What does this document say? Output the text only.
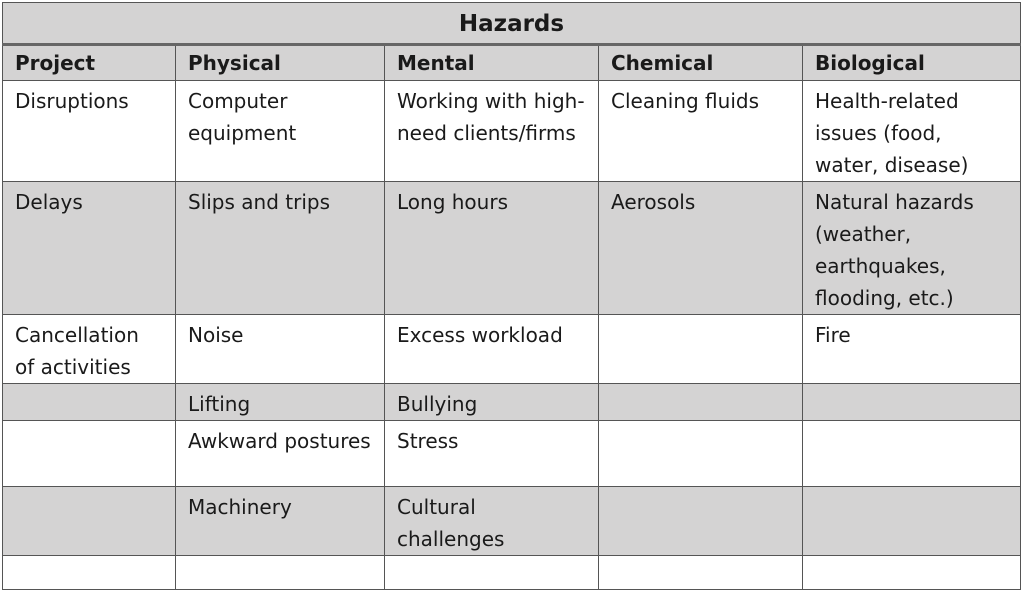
Hazards				
Project	Physical	Mental	Chemical	Biological
Disruptions	Computer equipment	Working with high-need clients/firms	Cleaning fluids	Health-related issues (food, water, disease)
Delays	Slips and trips	Long hours	Aerosols	Natural hazards (weather, earthquakes, flooding, etc.)
Cancellation of activities	Noise	Excess workload		Fire
	Lifting	Bullying		
	Awkward postures	Stress		
	Machinery	Cultural challenges		
